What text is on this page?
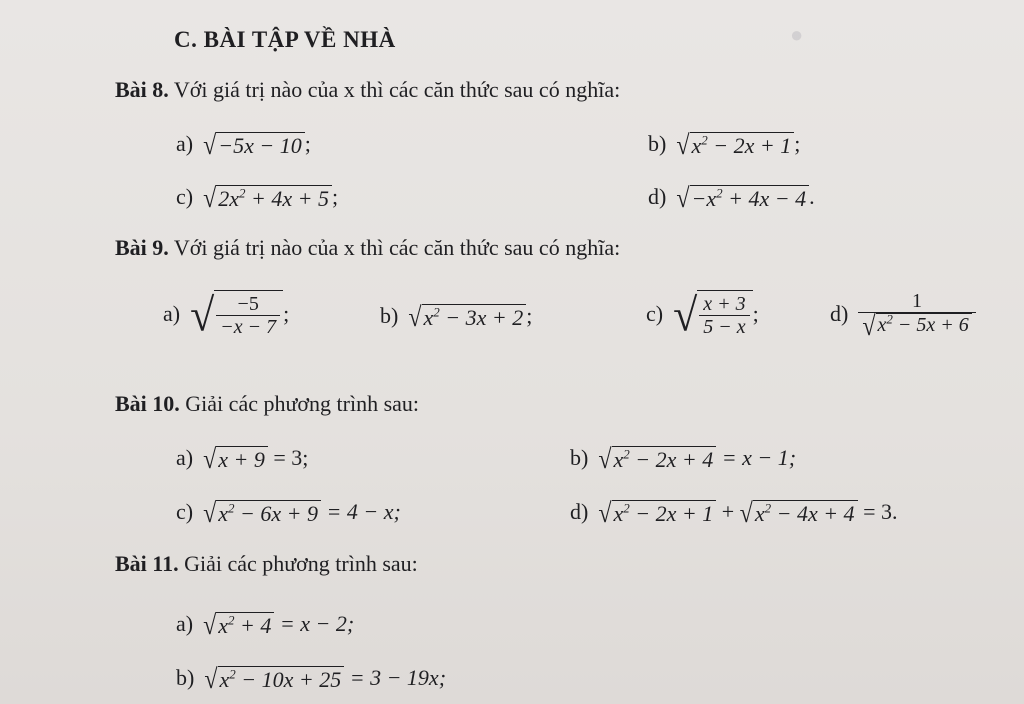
●
C. BÀI TẬP VỀ NHÀ
Bài 8. Với giá trị nào của x thì các căn thức sau có nghĩa:
a) √ −5x − 10 ;	b) √ $x^2 - 2x + 1$ ;
c) √ $2x^2 + 4x + 5$ ;	d) √ $-x^2 + 4x - 4$ .
Bài 9. Với giá trị nào của x thì các căn thức sau có nghĩa:
a) √ $\frac{-5}{-x - 7}$ ;	b) √ $x^2 - 3x + 2$ ;	c) √ $\frac{x + 3}{5 - x}$ ;	$d) \frac{1}{√ x^2 - 5x + 6}$
Bài 10. Giải các phương trình sau:
a) √ x + 9 = 3;	b) √ $x^2 - 2x + 4 = x - 1$;
c) √ $x^2 - 6x + 9 = 4 - x$;	d) √ $x^2 - 2x + 1$ + √ $x^2 - 4x + 4 = 3$.
Bài 11. Giải các phương trình sau:
a) √ $x^2 + 4 = x - 2$;
b) √ $x^2 - 10x + 25 = 3 - 19x$;
